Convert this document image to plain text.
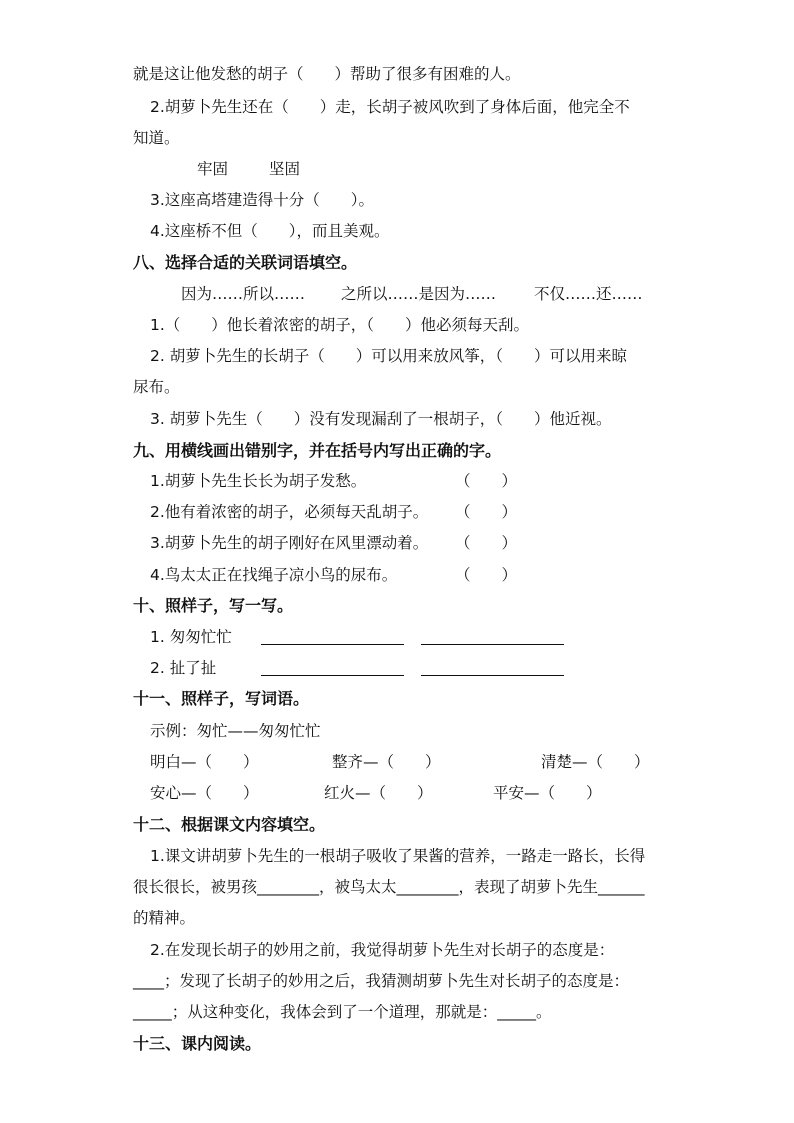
就是这让他发愁的胡子（　　）帮助了很多有困难的人。
2.胡萝卜先生还在（　　）走，长胡子被风吹到了身体后面，他完全不
知道。
牢固	坚固
3.这座高塔建造得十分（　　）。
4.这座桥不但（　　），而且美观。
八、选择合适的关联词语填空。
因为……所以…… 之所以……是因为…… 不仅……还……
1.（　　）他长着浓密的胡子，（　　）他必须每天刮。
2. 胡萝卜先生的长胡子（　　）可以用来放风筝，（　　）可以用来晾
尿布。
3. 胡萝卜先生（　　）没有发现漏刮了一根胡子，（　　）他近视。
九、用横线画出错别字，并在括号内写出正确的字。
1.胡萝卜先生长长为胡子发愁。	（　　）
2.他有着浓密的胡子，必须每天乱胡子。 （　　）
3.胡萝卜先生的胡子刚好在风里漂动着。 （　　）
4.鸟太太正在找绳子凉小鸟的尿布。	（　　）
十、照样子，写一写。
1. 匆匆忙忙
2. 扯了扯
十一、照样子，写词语。
示例：匆忙——匆匆忙忙
明白—（　　）	整齐—（　　）	清楚—（　　）
安心—（　　）	红火—（　　）	平安—（　　）
十二、根据课文内容填空。
1.课文讲胡萝卜先生的一根胡子吸收了果酱的营养，一路走一路长，长得
很长很长，被男孩________，被鸟太太________，表现了胡萝卜先生______
的精神。
2.在发现长胡子的妙用之前，我觉得胡萝卜先生对长胡子的态度是：
____；发现了长胡子的妙用之后，我猜测胡萝卜先生对长胡子的态度是：
_____；从这种变化，我体会到了一个道理，那就是：_____。
十三、课内阅读。
